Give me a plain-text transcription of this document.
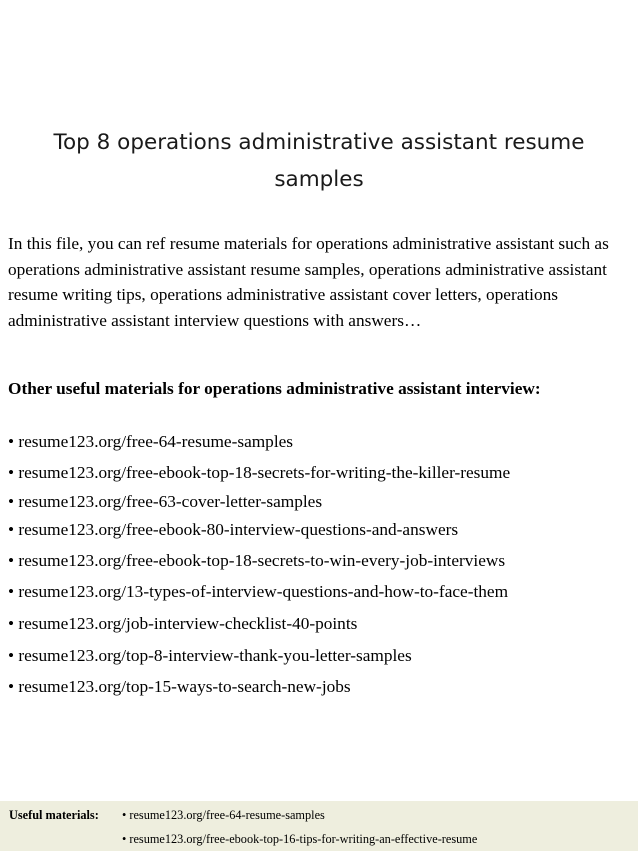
Top 8 operations administrative assistant resume samples

In this file, you can ref resume materials for operations administrative assistant such as operations administrative assistant resume samples, operations administrative assistant resume writing tips, operations administrative assistant cover letters, operations administrative assistant interview questions with answers…

Other useful materials for operations administrative assistant interview:

• resume123.org/free-64-resume-samples
• resume123.org/free-ebook-top-18-secrets-for-writing-the-killer-resume
• resume123.org/free-63-cover-letter-samples
• resume123.org/free-ebook-80-interview-questions-and-answers
• resume123.org/free-ebook-top-18-secrets-to-win-every-job-interviews
• resume123.org/13-types-of-interview-questions-and-how-to-face-them
• resume123.org/job-interview-checklist-40-points
• resume123.org/top-8-interview-thank-you-letter-samples
• resume123.org/top-15-ways-to-search-new-jobs
Useful materials: • resume123.org/free-64-resume-samples
• resume123.org/free-ebook-top-16-tips-for-writing-an-effective-resume
